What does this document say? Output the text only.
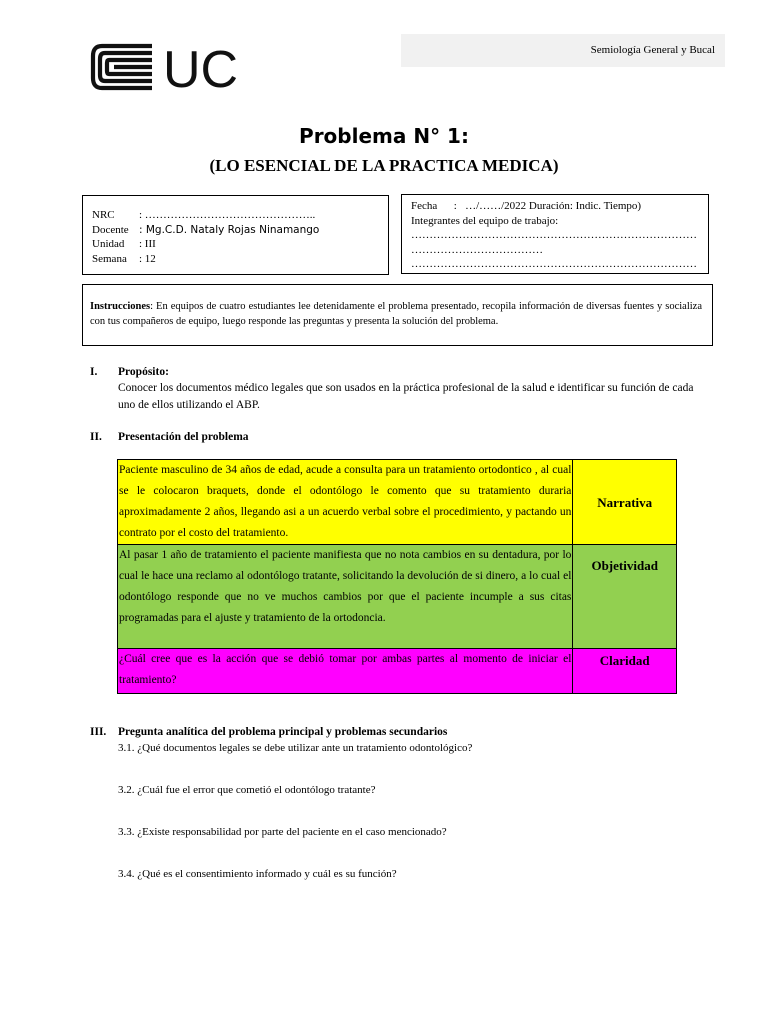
UC	Semiología General y Bucal
Problema N° 1:
(LO ESENCIAL DE LA PRACTICA MEDICA)
NRC	: ………………………………………..
Docente : Mg.C.D. Nataly Rojas Ninamango
Unidad	: III
Semana	: 12
Fecha      :   …/……/2022 Duración: Indic. Tiempo)
Integrantes del equipo de trabajo:
……………………………………………………………………
………………………………
……………………………………………………………………
Instrucciones: En equipos de cuatro estudiantes lee detenidamente el problema presentado, recopila información de diversas fuentes y socializa con tus compañeros de equipo, luego responde las preguntas y presenta la solución del problema.
I. Propósito:
Conocer los documentos médico legales que son usados en la práctica profesional de la salud e identificar su función de cada uno de ellos utilizando el ABP.
II. Presentación del problema
Paciente masculino de 34 años de edad, acude a consulta para un tratamiento ortodontico , al cual se le colocaron braquets, donde el odontólogo le comento que su tratamiento duraria aproximadamente 2 años, llegando asi a un acuerdo verbal sobre el procedimiento, y pactando un contrato por el costo del tratamiento.	Narrativa
Al pasar 1 año de tratamiento el paciente manifiesta que no nota cambios en su dentadura, por lo cual le hace una reclamo al odontólogo tratante, solicitando la devolución de si dinero, a lo cual el odontólogo responde que no ve muchos cambios por que el paciente incumple a sus citas programadas para el ajuste y tratamiento de la ortodoncia.	Objetividad
¿Cuál cree que es la acción que se debió tomar por ambas partes al momento de iniciar el tratamiento?	Claridad
III. Pregunta analítica del problema principal y problemas secundarios
3.1. ¿Qué documentos legales se debe utilizar ante un tratamiento odontológico?
3.2. ¿Cuál fue el error que cometió el odontólogo tratante?
3.3. ¿Existe responsabilidad por parte del paciente en el caso mencionado?
3.4. ¿Qué es el consentimiento informado y cuál es su función?
